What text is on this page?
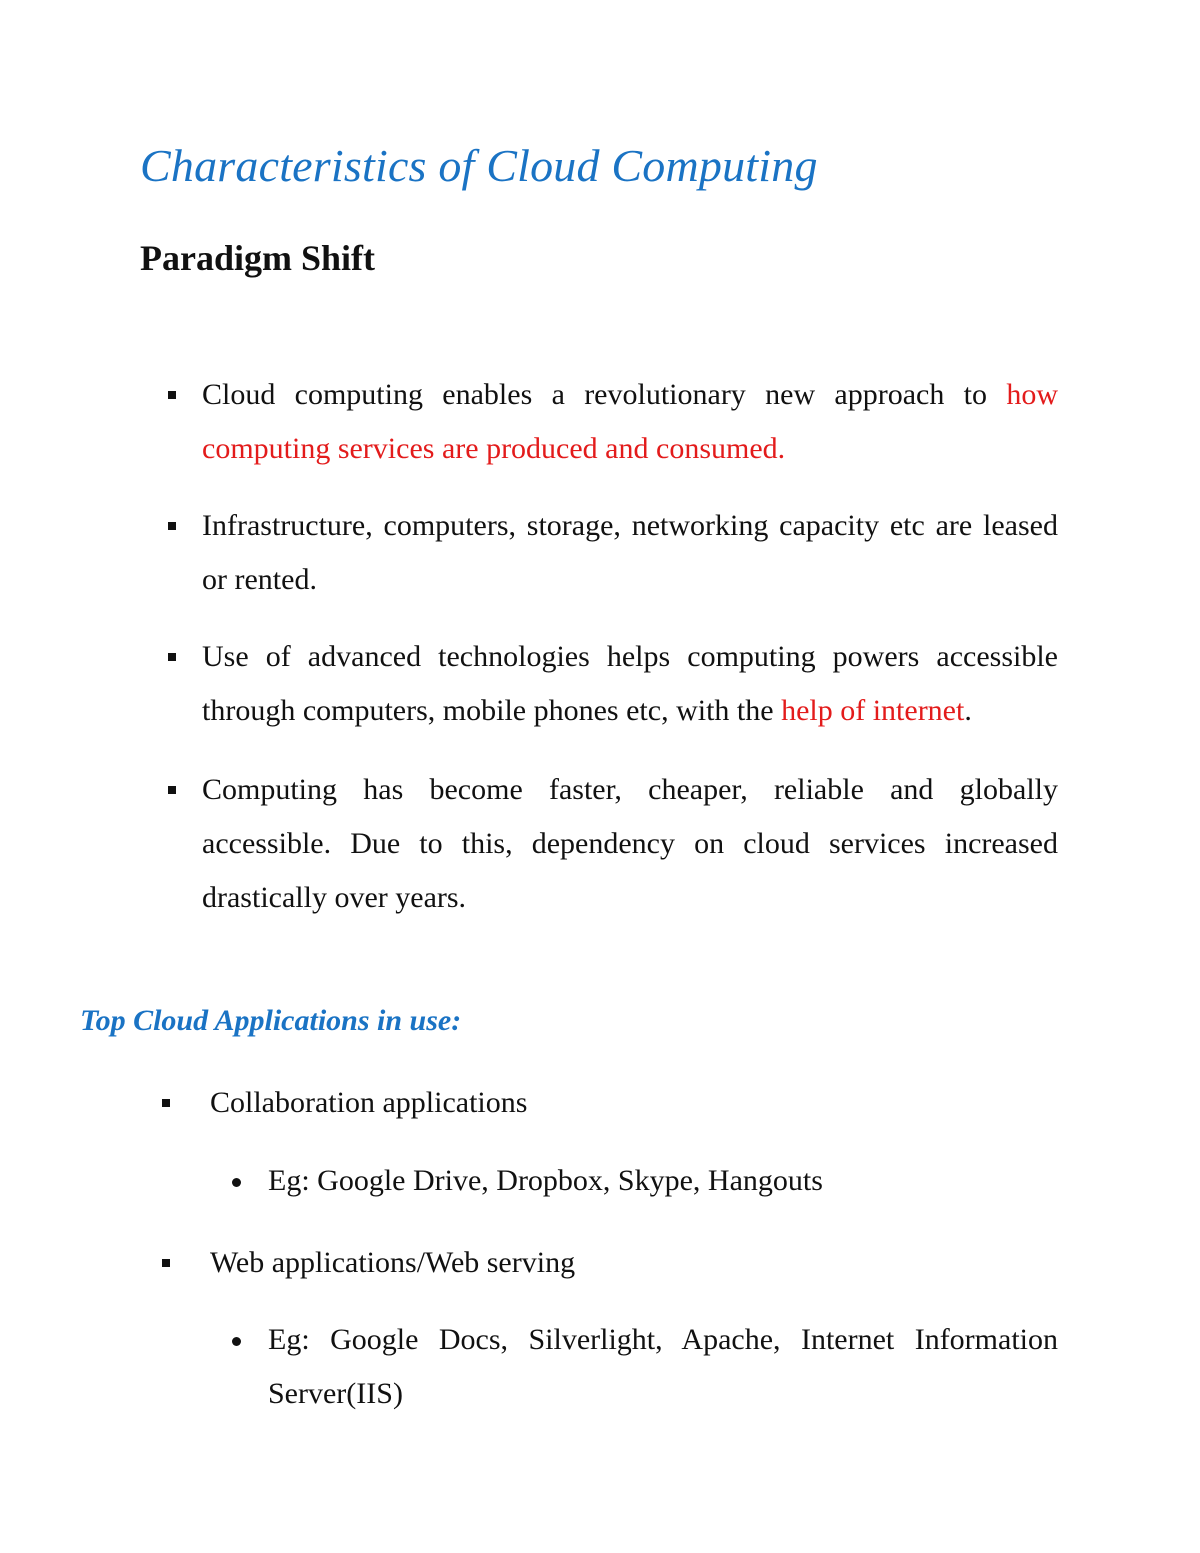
Characteristics of Cloud Computing
Paradigm Shift
Cloud computing enables a revolutionary new approach to how computing services are produced and consumed.
Infrastructure, computers, storage, networking capacity etc are leased or rented.
Use of advanced technologies helps computing powers accessible through computers, mobile phones etc, with the help of internet.
Computing has become faster, cheaper, reliable and globally accessible. Due to this, dependency on cloud services increased drastically over years.
Top Cloud Applications in use:
Collaboration applications
Eg: Google Drive, Dropbox, Skype, Hangouts
Web applications/Web serving
Eg: Google Docs, Silverlight, Apache, Internet Information Server(IIS)
